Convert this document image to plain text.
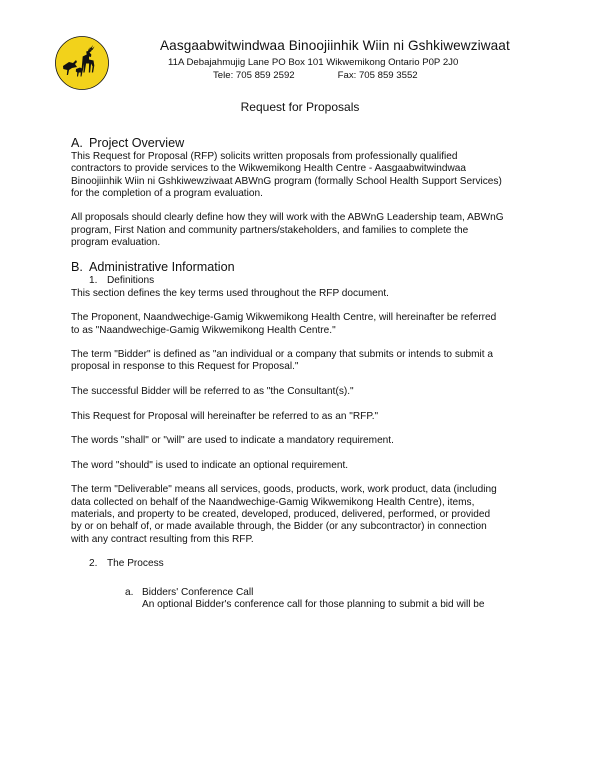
Aasgaabwitwindwaa Binoojiinhik Wiin ni Gshkiwewziwaat

11A Debajahmujig Lane PO Box 101 Wikwemikong Ontario P0P 2J0

Tele: 705 859 2592	Fax: 705 859 3552

Request for Proposals

A. Project Overview

This Request for Proposal (RFP) solicits written proposals from professionally qualified
contractors to provide services to the Wikwemikong Health Centre - Aasgaabwitwindwaa
Binoojiinhik Wiin ni Gshkiwewziwaat ABWnG program (formally School Health Support Services)
for the completion of a program evaluation.

All proposals should clearly define how they will work with the ABWnG Leadership team, ABWnG
program, First Nation and community partners/stakeholders, and families to complete the
program evaluation.

B. Administrative Information
1. Definitions

This section defines the key terms used throughout the RFP document.

The Proponent, Naandwechige-Gamig Wikwemikong Health Centre, will hereinafter be referred
to as "Naandwechige-Gamig Wikwemikong Health Centre."

The term "Bidder" is defined as "an individual or a company that submits or intends to submit a
proposal in response to this Request for Proposal."

The successful Bidder will be referred to as "the Consultant(s)."

This Request for Proposal will hereinafter be referred to as an "RFP."

The words "shall" or "will" are used to indicate a mandatory requirement.

The word "should" is used to indicate an optional requirement.

The term "Deliverable" means all services, goods, products, work, work product, data (including
data collected on behalf of the Naandwechige-Gamig Wikwemikong Health Centre), items,
materials, and property to be created, developed, produced, delivered, performed, or provided
by or on behalf of, or made available through, the Bidder (or any subcontractor) in connection
with any contract resulting from this RFP.

2. The Process
a. Bidders' Conference Call

An optional Bidder's conference call for those planning to submit a bid will be
